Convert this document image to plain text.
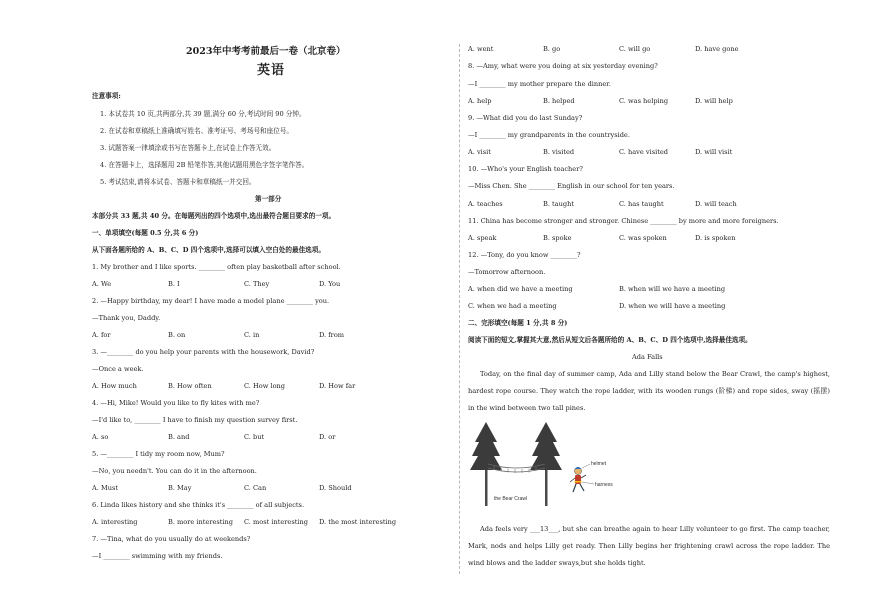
2023年中考考前最后一卷（北京卷）
英语
注意事项:
1. 本试卷共 10 页,共两部分,共 39 题,满分 60 分,考试时间 90 分钟。
2. 在试卷和草稿纸上准确填写姓名、准考证号、考场号和座位号。
3. 试题答案一律填涂或书写在答题卡上,在试卷上作答无效。
4. 在答题卡上，选择题用 2B 铅笔作答,其他试题用黑色字签字笔作答。
5. 考试结束,请将本试卷、答题卡和草稿纸一并交回。
第一部分
本部分共 33 题,共 40 分。在每题列出的四个选项中,选出最符合题目要求的一项。
一、单项填空(每题 0.5 分,共 6 分)
从下面各题所给的 A、B、C、D 四个选项中,选择可以填入空白处的最佳选项。
1. My brother and I like sports. ________ often play basketball after school.
A. We	B. I	C. They	D. You
2. —Happy birthday, my dear! I have made a model plane ________ you.
—Thank you, Daddy.
A. for	B. on	C. in	D. from
3. —________ do you help your parents with the housework, David?
—Once a week.
A. How much	B. How often	C. How long	D. How far
4. —Hi, Mike! Would you like to fly kites with me?
—I'd like to, ________ I have to finish my question survey first.
A. so	B. and	C. but	D. or
5. —________ I tidy my room now, Mum?
—No, you needn't. You can do it in the afternoon.
A. Must	B. May	C. Can	D. Should
6. Linda likes history and she thinks it's ________ of all subjects.
A. interesting	B. more interesting C. most interesting D. the most interesting
7. —Tina, what do you usually do at weekends?
—I ________ swimming with my friends.
A. went	B. go	C. will go	D. have gone
8. —Amy, what were you doing at six yesterday evening?
—I ________ my mother prepare the dinner.
A. help	B. helped	C. was helping	D. will help
9. —What did you do last Sunday?
—I ________ my grandparents in the countryside.
A. visit	B. visited	C. have visited	D. will visit
10. —Who's your English teacher?
—Miss Chen. She ________ English in our school for ten years.
A. teaches	B. taught	C. has taught	D. will teach
11. China has become stronger and stronger. Chinese ________ by more and more foreigners.
A. speak	B. spoke	C. was spoken	D. is spoken
12. —Tony, do you know ________?
—Tomorrow afternoon.
A. when did we have a meeting	B. when will we have a meeting
C. when we had a meeting	D. when we will have a meeting
二、完形填空(每题 1 分,共 8 分)
阅读下面的短文,掌握其大意,然后从短文后各题所给的 A、B、C、D 四个选项中,选择最佳选项。
Ada Falls
Today, on the final day of summer camp, Ada and Lilly stand below the Bear Crawl, the camp's highest, hardest rope course. They watch the rope ladder, with its wooden rungs (阶梯) and rope sides, sway (摇摆) in the wind between two tall pines.
helmet
harness
the Bear Crawl
Ada feels very ___13___, but she can breathe again to hear Lilly volunteer to go first. The camp teacher, Mark, nods and helps Lilly get ready. Then Lilly begins her frightening crawl across the rope ladder. The wind blows and the ladder sways,but she holds tight.
